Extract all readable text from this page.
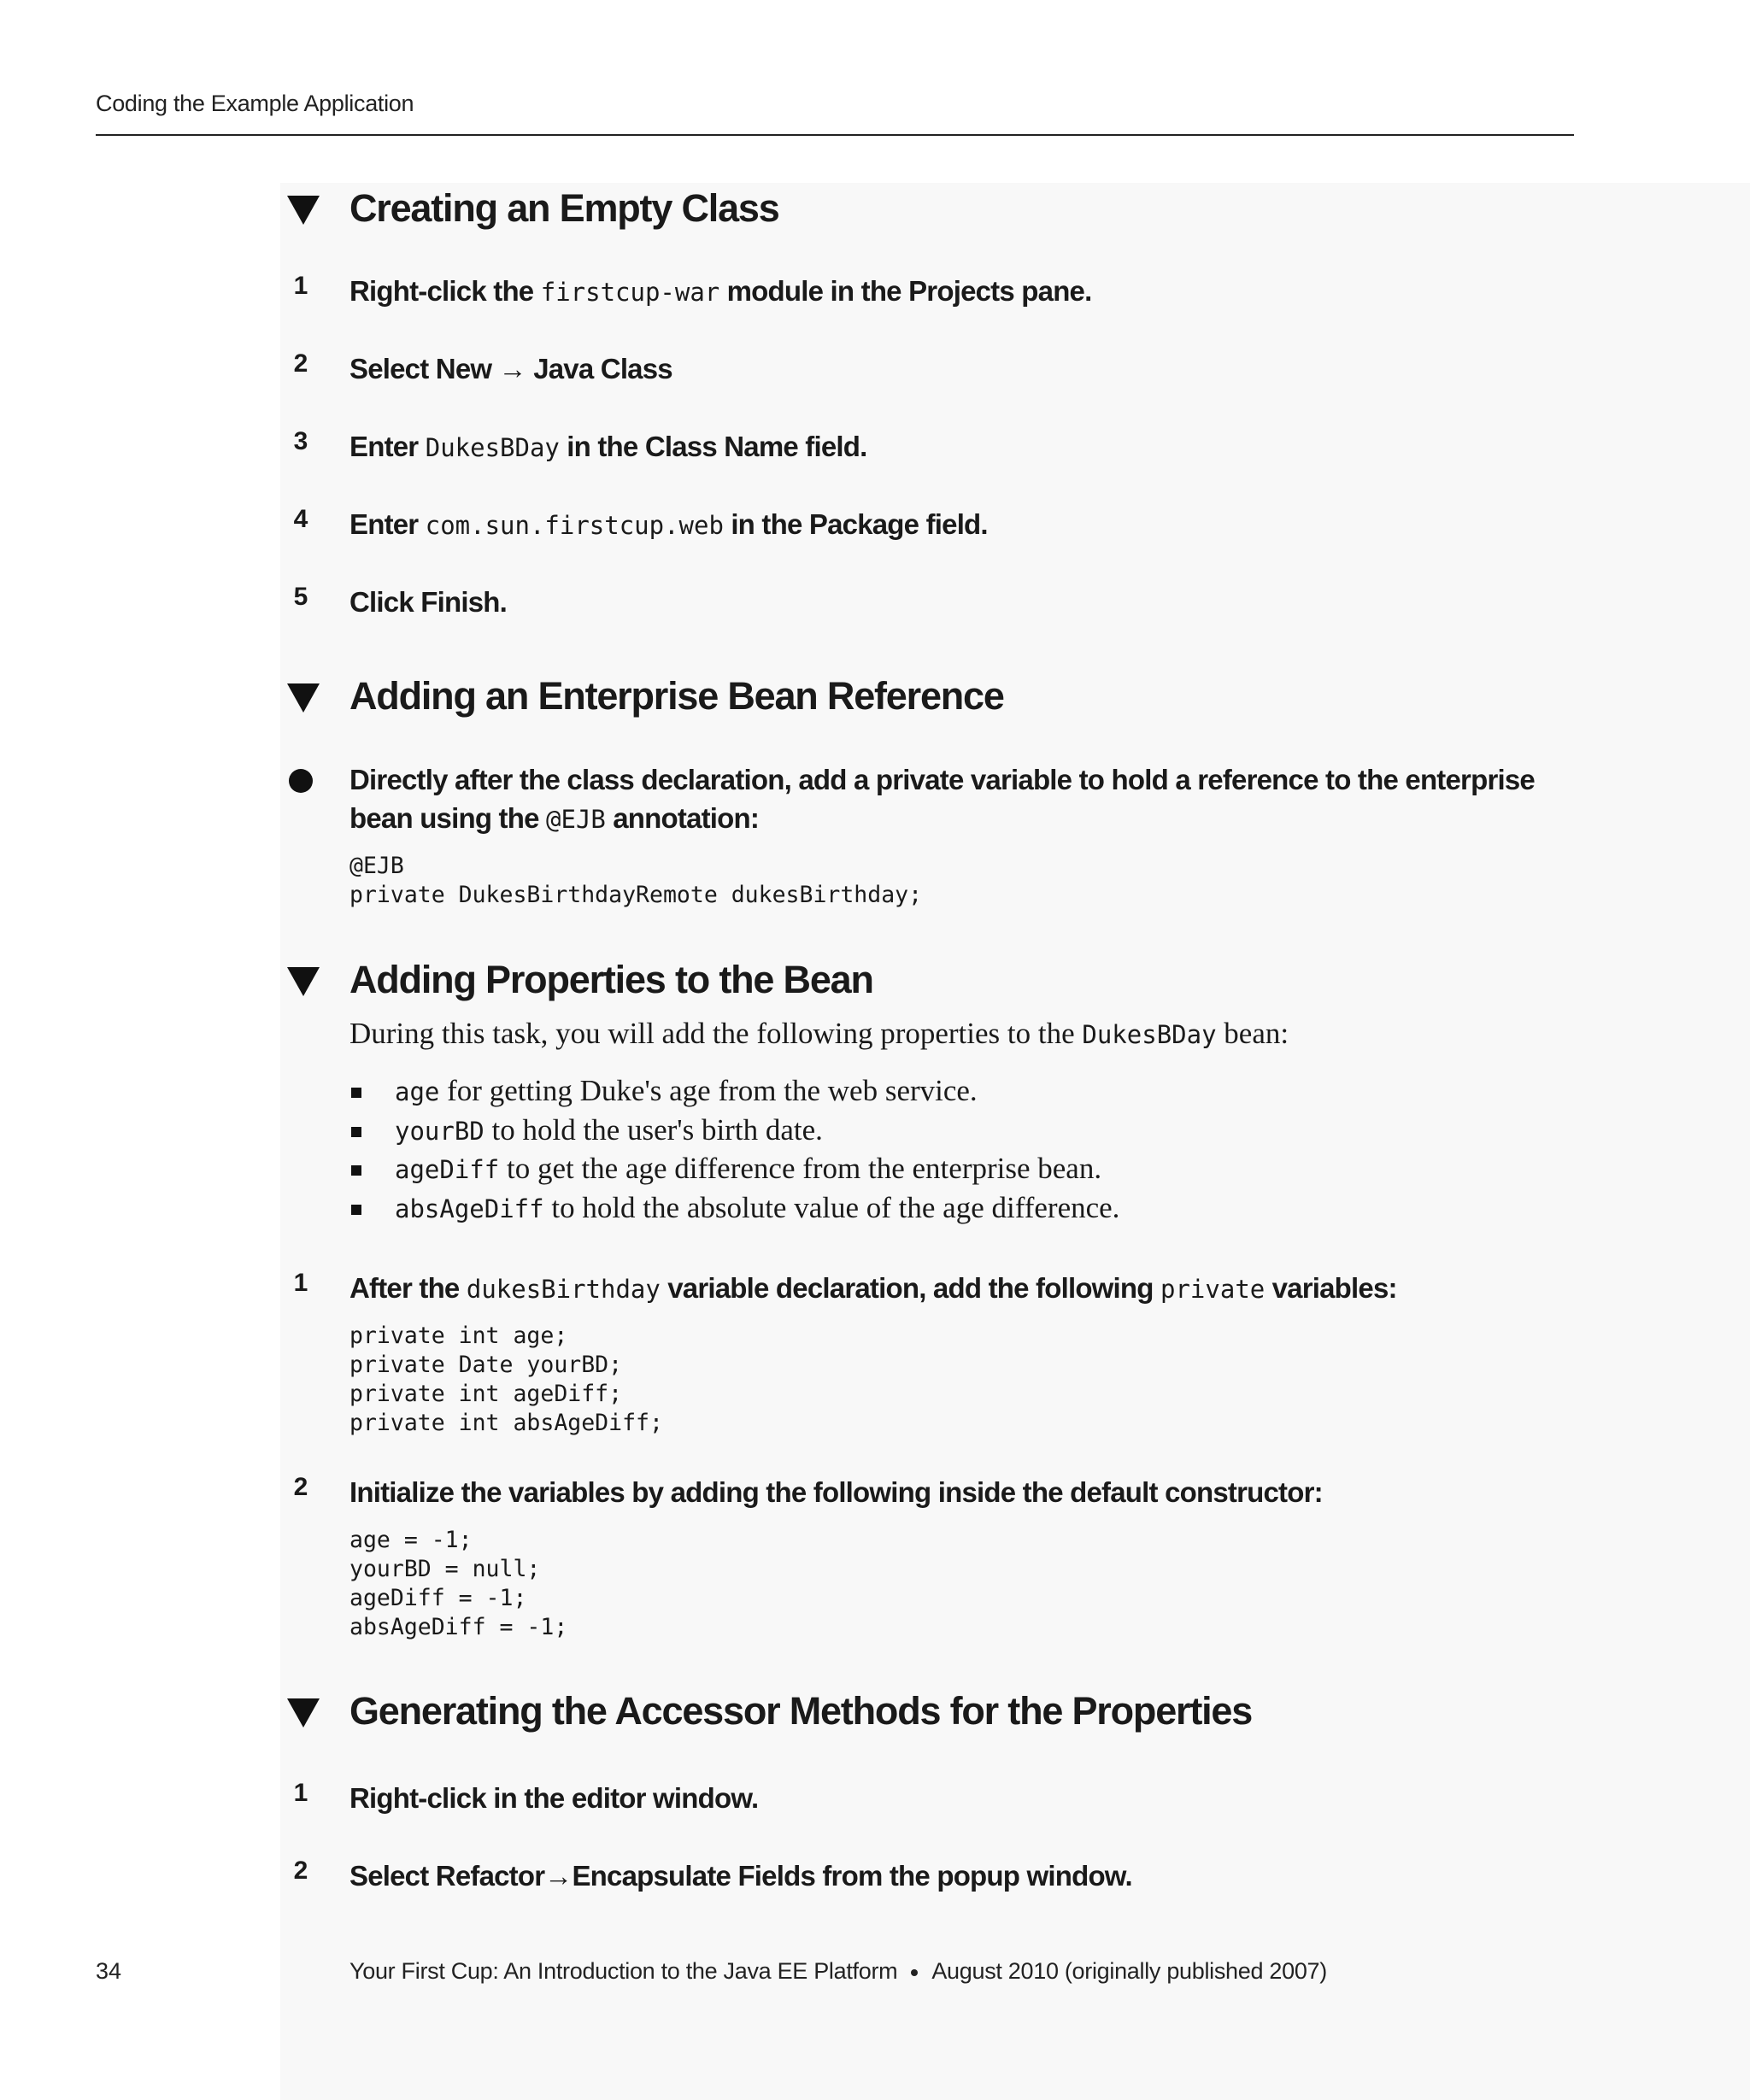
Coding the Example Application
Creating an Empty Class
1 Right-click the firstcup-war module in the Projects pane.
2 Select New → Java Class
3 Enter DukesBDay in the Class Name field.
4 Enter com.sun.firstcup.web in the Package field.
5 Click Finish.
Adding an Enterprise Bean Reference
Directly after the class declaration, add a private variable to hold a reference to the enterprise bean using the @EJB annotation:
@EJB
private DukesBirthdayRemote dukesBirthday;
Adding Properties to the Bean
During this task, you will add the following properties to the DukesBDay bean:
age for getting Duke's age from the web service.
yourBD to hold the user's birth date.
ageDiff to get the age difference from the enterprise bean.
absAgeDiff to hold the absolute value of the age difference.
1 After the dukesBirthday variable declaration, add the following private variables:
private int age;
private Date yourBD;
private int ageDiff;
private int absAgeDiff;
2 Initialize the variables by adding the following inside the default constructor:
age = -1;
yourBD = null;
ageDiff = -1;
absAgeDiff = -1;
Generating the Accessor Methods for the Properties
1 Right-click in the editor window.
2 Select Refactor→Encapsulate Fields from the popup window.
34	Your First Cup: An Introduction to the Java EE Platform August 2010 (originally published 2007)
